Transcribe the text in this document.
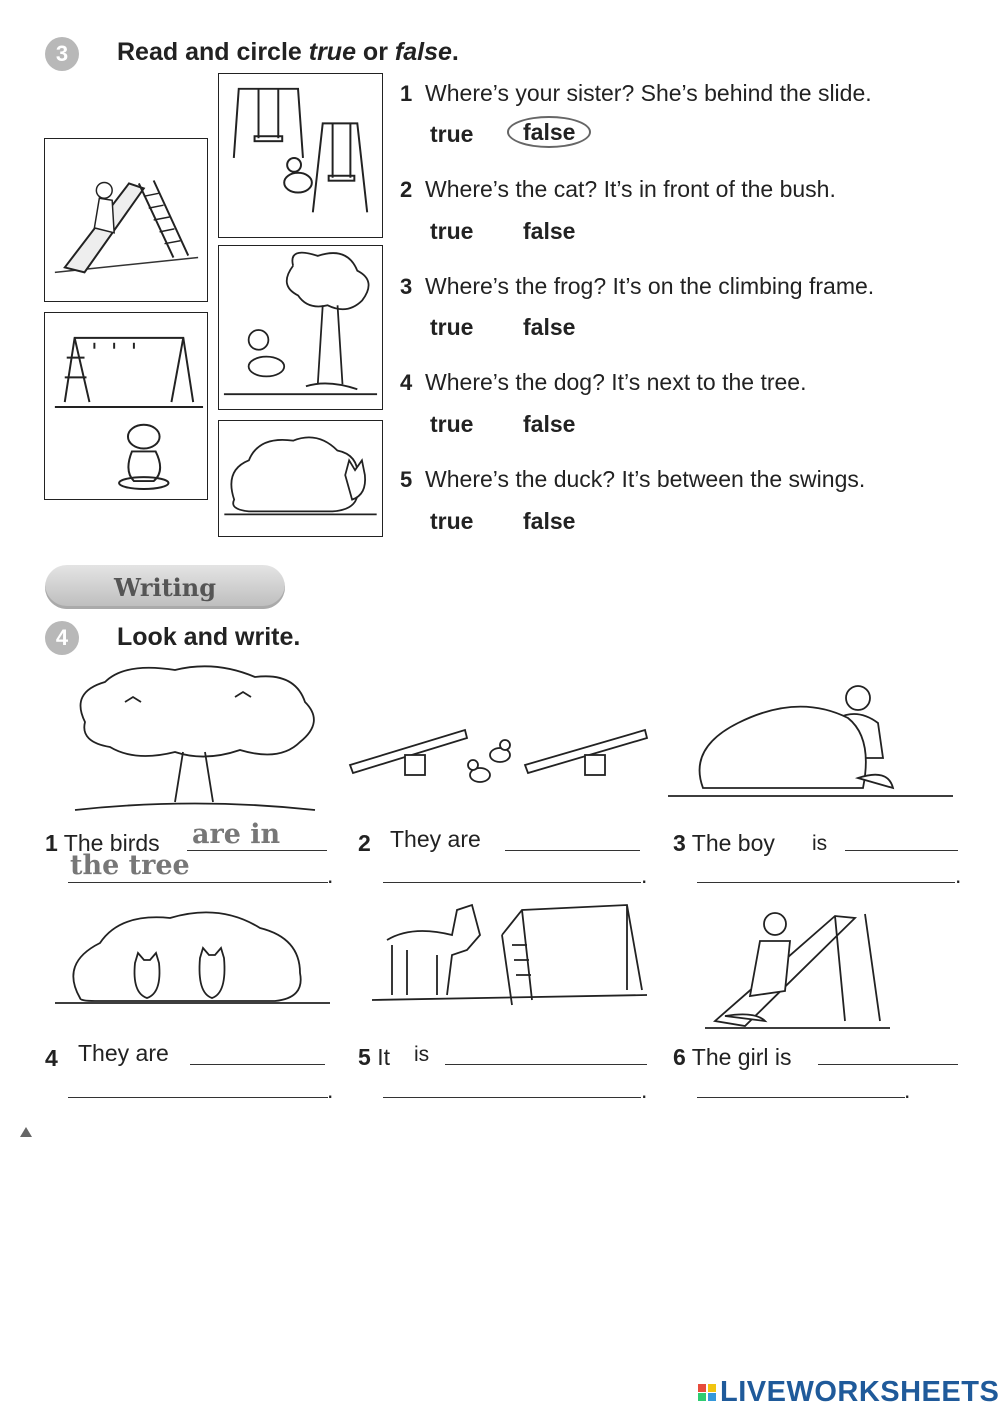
3	Read and circle true or false.
1 Where’s your sister? She’s behind the slide.
true false
2 Where’s the cat? It’s in front of the bush.
true false
3 Where’s the frog? It’s on the climbing frame.
true false
4 Where’s the dog? It’s next to the tree.
true false
5 Where’s the duck? It’s between the swings.
true false
Writing
4	Look and write.
1 The birds are in
the tree	.
2 They are
.
3 The boy is
.
4 They are
.
5 It is
.
6 The girl is
.
LIVEWORKSHEETS
